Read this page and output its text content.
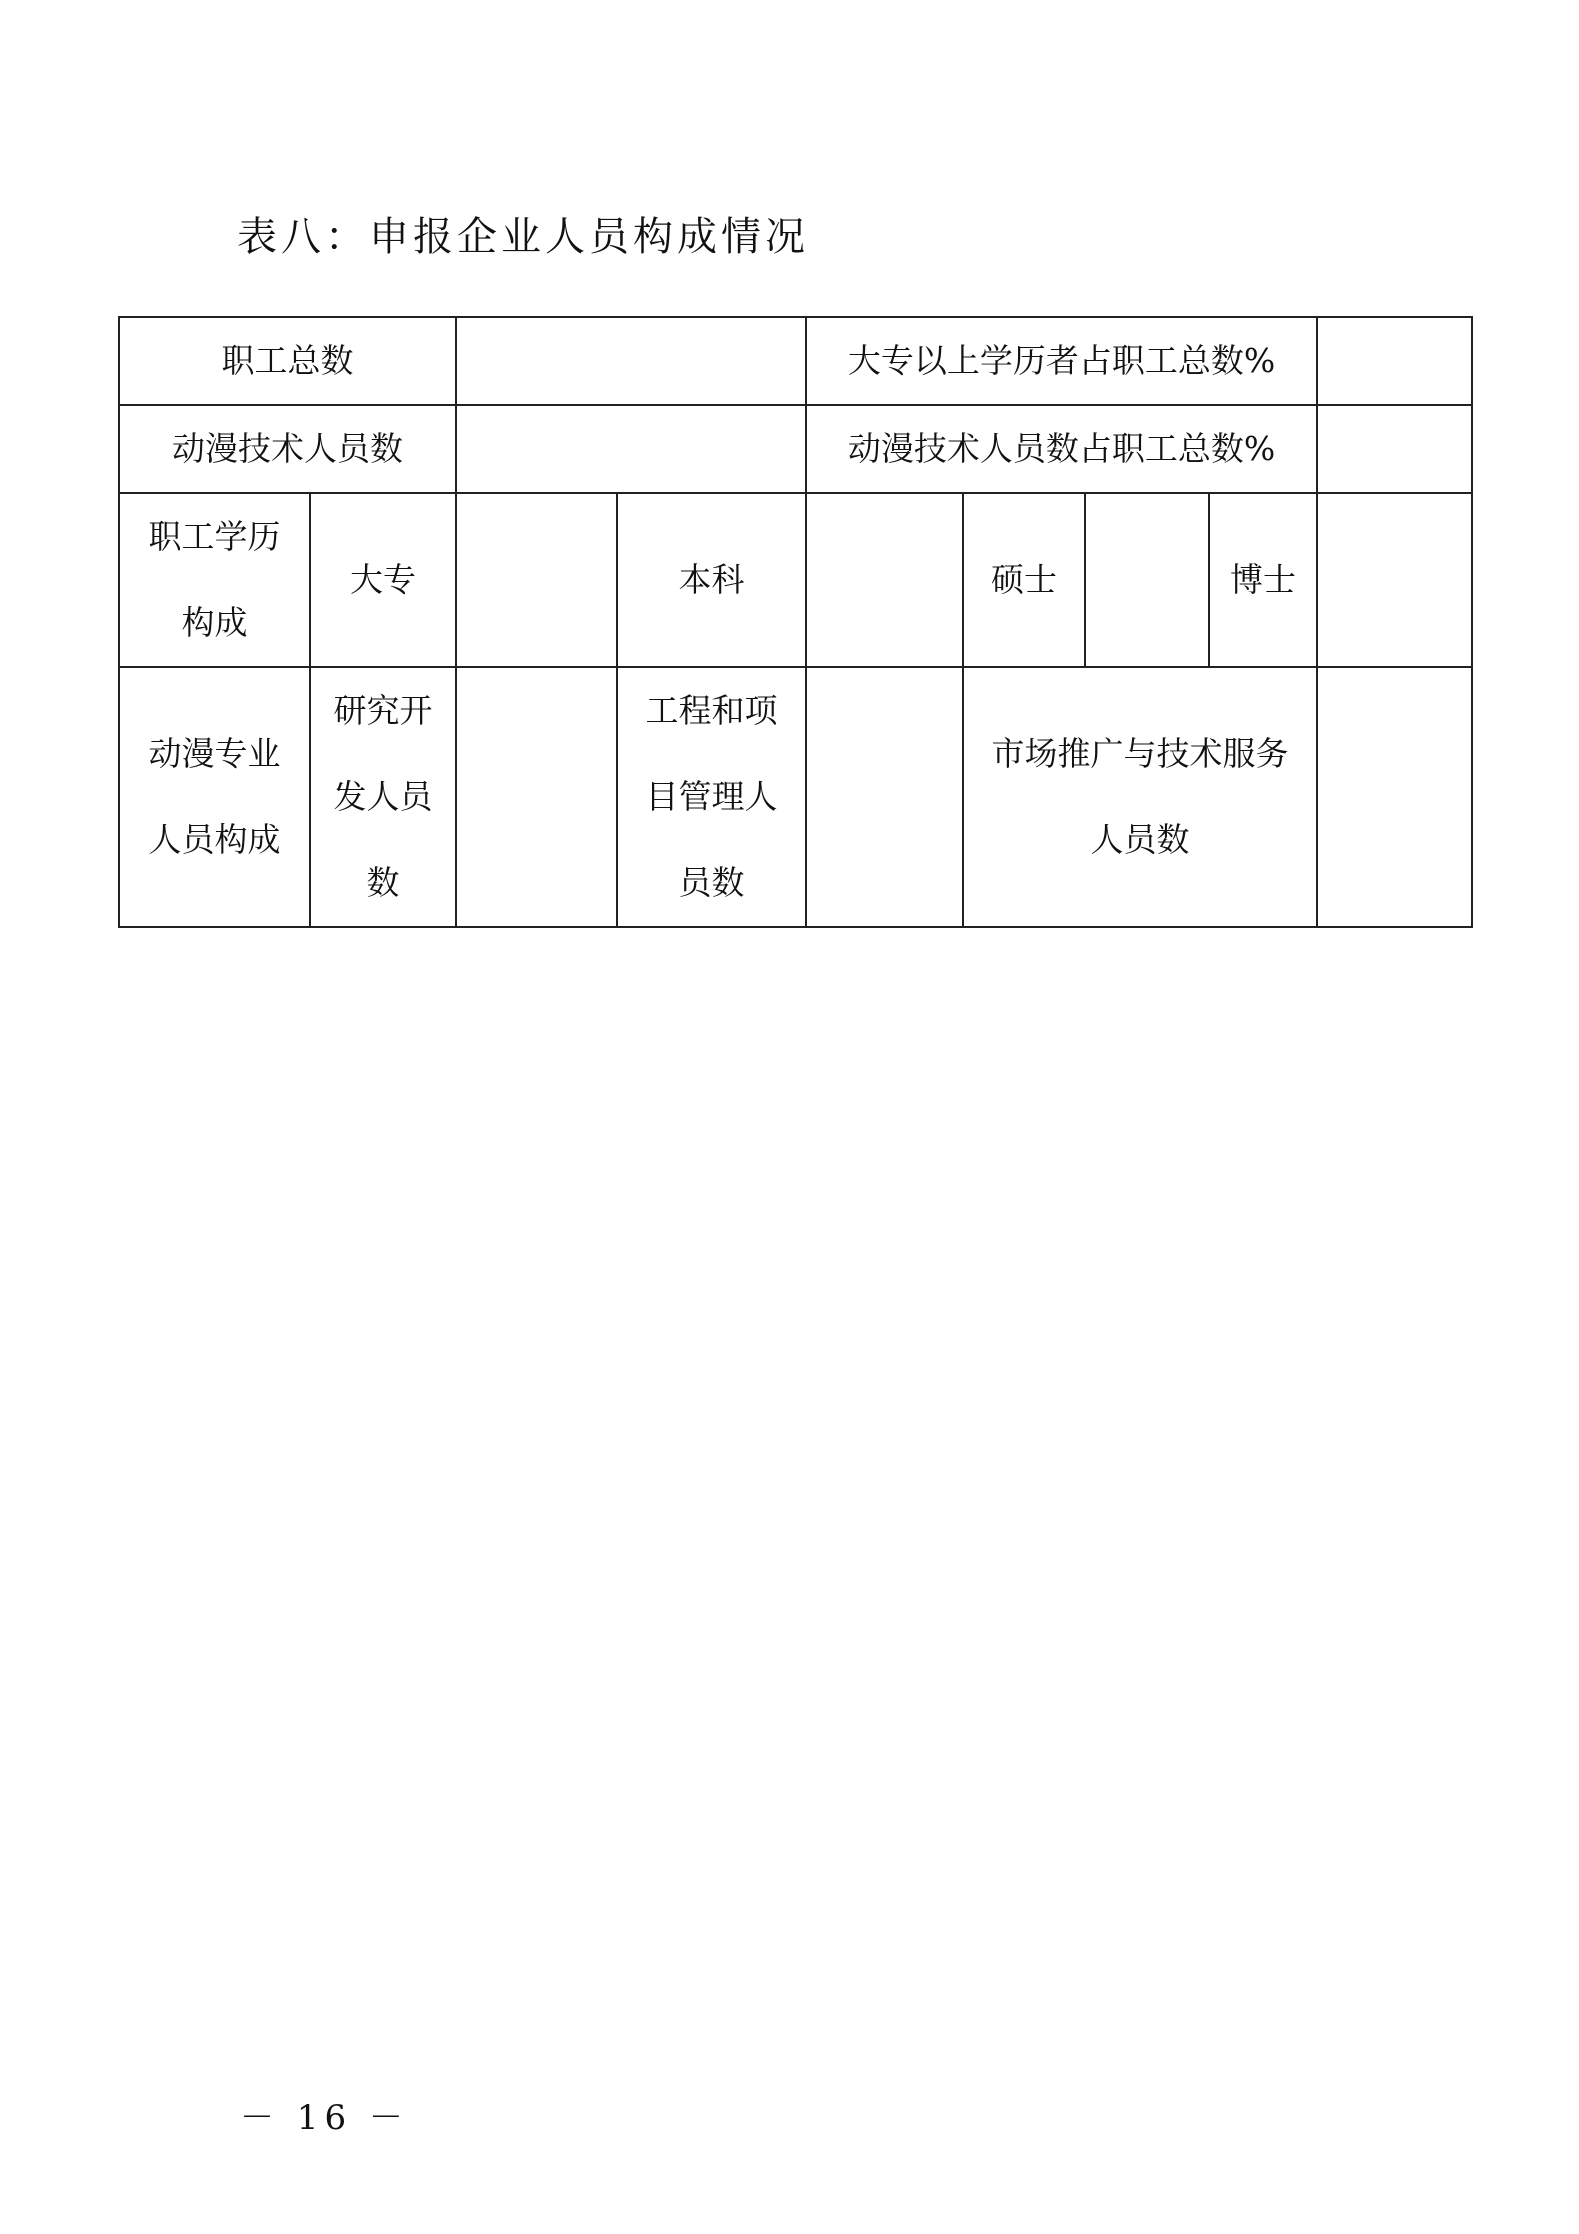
表八：申报企业人员构成情况
职工总数				大专以上学历者占职工总数%				
动漫技术人员数				动漫技术人员数占职工总数%				

职工学历构成	大专		本科		硕士		博士	

动漫专业人员构成	研究开发人员数		工程和项目管理人员数		市场推广与技术服务人员数			

－ 16 －
